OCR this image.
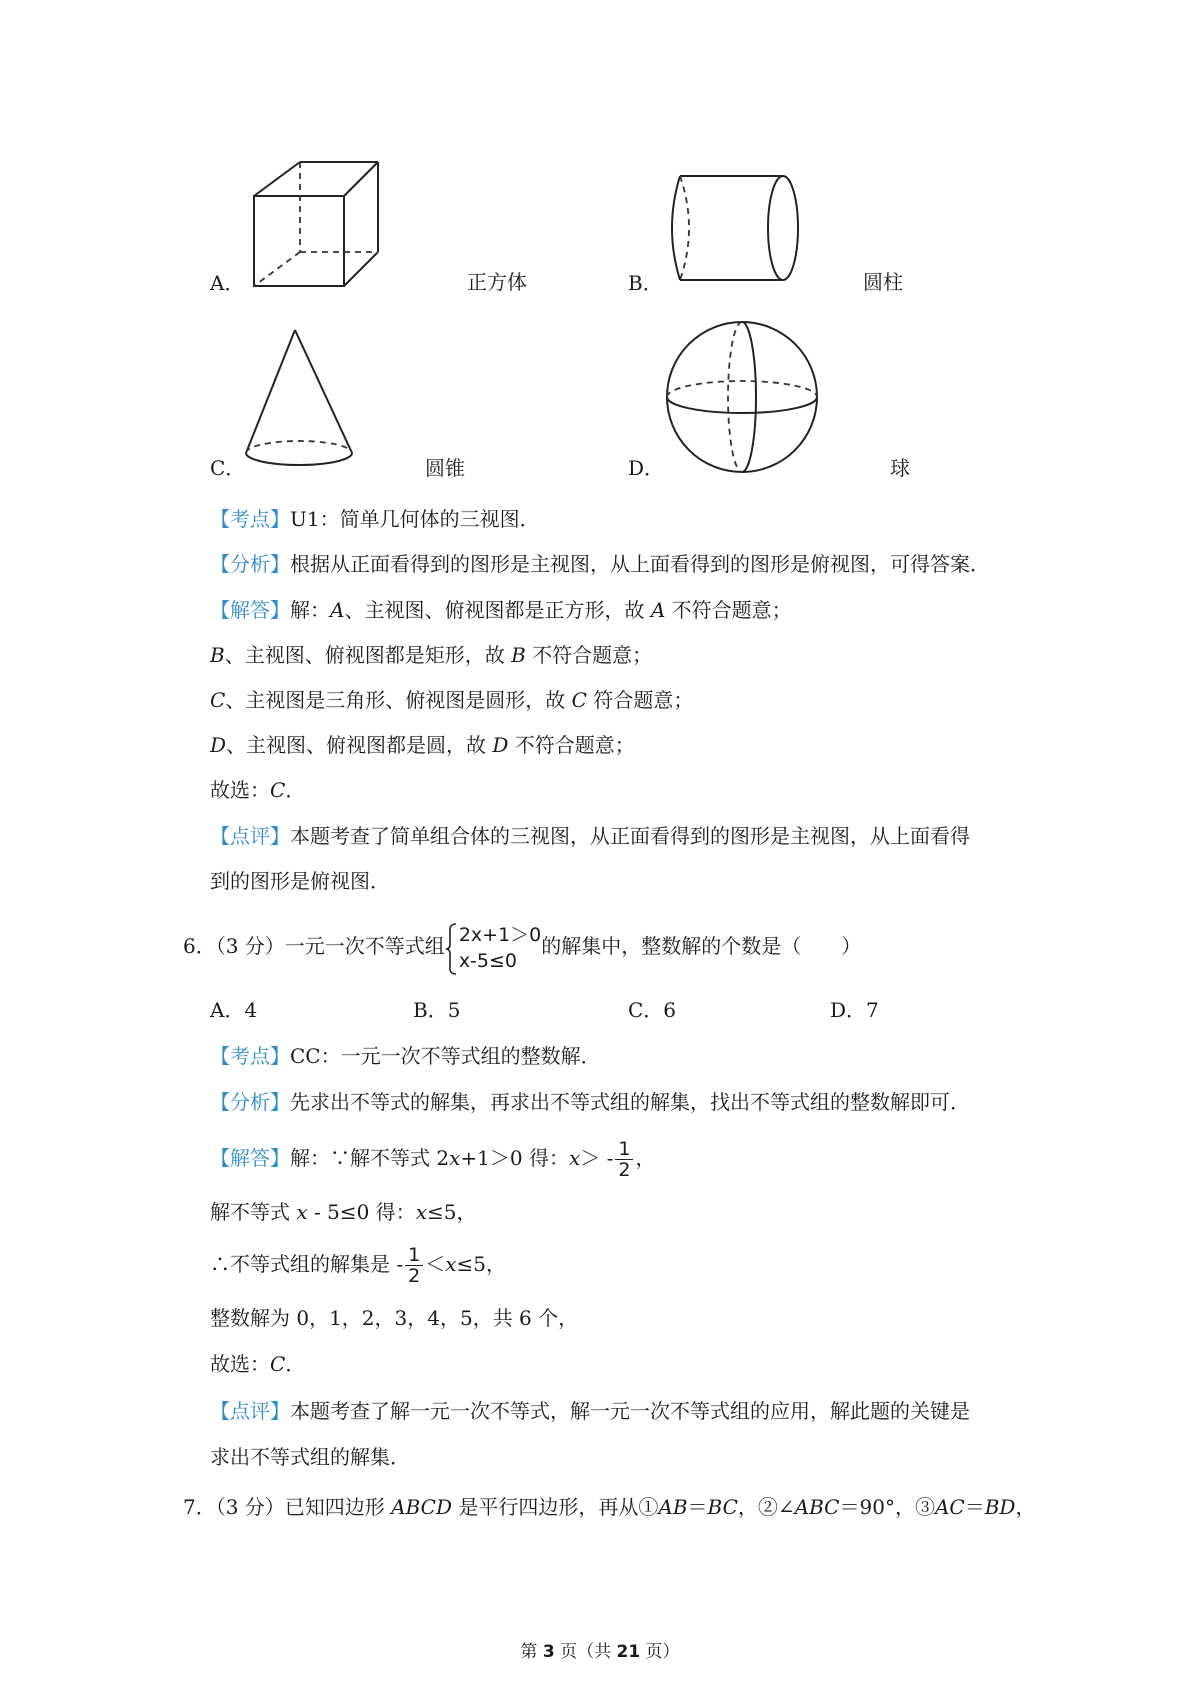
A．	正方体	B．	圆柱
C．	圆锥	D．	球
【考点】U1：简单几何体的三视图．
【分析】根据从正面看得到的图形是主视图，从上面看得到的图形是俯视图，可得答案．
【解答】解：A、主视图、俯视图都是正方形，故 A 不符合题意；
B、主视图、俯视图都是矩形，故 B 不符合题意；
C、主视图是三角形、俯视图是圆形，故 C 符合题意；
D、主视图、俯视图都是圆，故 D 不符合题意；
故选：C．
【点评】本题考查了简单组合体的三视图，从正面看得到的图形是主视图，从上面看得
到的图形是俯视图．
6．（3 分）一元一次不等式组 2x+1＞0
x-5≤0
的解集中，整数解的个数是（　　）
A．4	B．5	C．6	D．7
【考点】CC：一元一次不等式组的整数解．
【分析】先求出不等式的解集，再求出不等式组的解集，找出不等式组的整数解即可．
【解答】解：∵解不等式 2x+1＞0 得：$x> - \frac{1}{2}$ ，
解不等式 x - 5≤0 得：x≤5，
∴不等式组的解集是 - $\frac{1}{2} <x\le 5$，
整数解为 0，1，2，3，4，5，共 6 个，
故选：C．
【点评】本题考查了解一元一次不等式，解一元一次不等式组的应用，解此题的关键是
求出不等式组的解集．
7．（3 分）已知四边形 ABCD 是平行四边形，再从①AB＝BC，②∠ABC＝90°，③AC＝BD，
第 3 页（共 21 页）
